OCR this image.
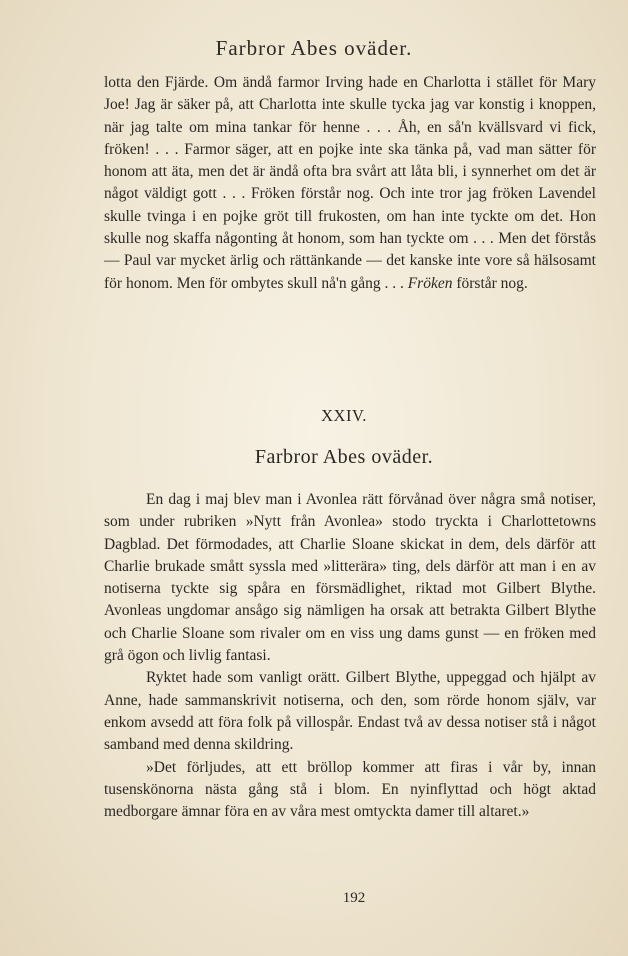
Farbror Abes oväder.

lotta den Fjärde. Om ändå farmor Irving hade en Charlotta i stället för Mary Joe! Jag är säker på, att Charlotta inte skulle tycka jag var konstig i knoppen, när jag talte om mina tankar för henne . . . Åh, en så'n kvällsvard vi fick, fröken! . . . Farmor säger, att en pojke inte ska tänka på, vad man sätter för honom att äta, men det är ändå ofta bra svårt att låta bli, i synnerhet om det är något väldigt gott . . . Fröken förstår nog. Och inte tror jag fröken Lavendel skulle tvinga i en pojke gröt till frukosten, om han inte tyckte om det. Hon skulle nog skaffa någonting åt honom, som han tyckte om . . . Men det förstås — Paul var mycket ärlig och rättänkande — det kanske inte vore så hälsosamt för honom. Men för ombytes skull nå'n gång . . . Fröken förstår nog.

XXIV.
Farbror Abes oväder.

En dag i maj blev man i Avonlea rätt förvånad över några små notiser, som under rubriken »Nytt från Avonlea» stodo tryckta i Charlottetowns Dagblad. Det förmodades, att Charlie Sloane skickat in dem, dels därför att Charlie brukade smått syssla med »litterära» ting, dels därför att man i en av notiserna tyckte sig spåra en försmädlighet, riktad mot Gilbert Blythe. Avonleas ungdomar ansågo sig nämligen ha orsak att betrakta Gilbert Blythe och Charlie Sloane som rivaler om en viss ung dams gunst — en fröken med grå ögon och livlig fantasi.

Ryktet hade som vanligt orätt. Gilbert Blythe, uppeggad och hjälpt av Anne, hade sammanskrivit notiserna, och den, som rörde honom själv, var enkom avsedd att föra folk på villospår. Endast två av dessa notiser stå i något samband med denna skildring.

»Det förljudes, att ett bröllop kommer att firas i vår by, innan tusenskönorna nästa gång stå i blom. En nyinflyttad och högt aktad medborgare ämnar föra en av våra mest omtyckta damer till altaret.»

192
